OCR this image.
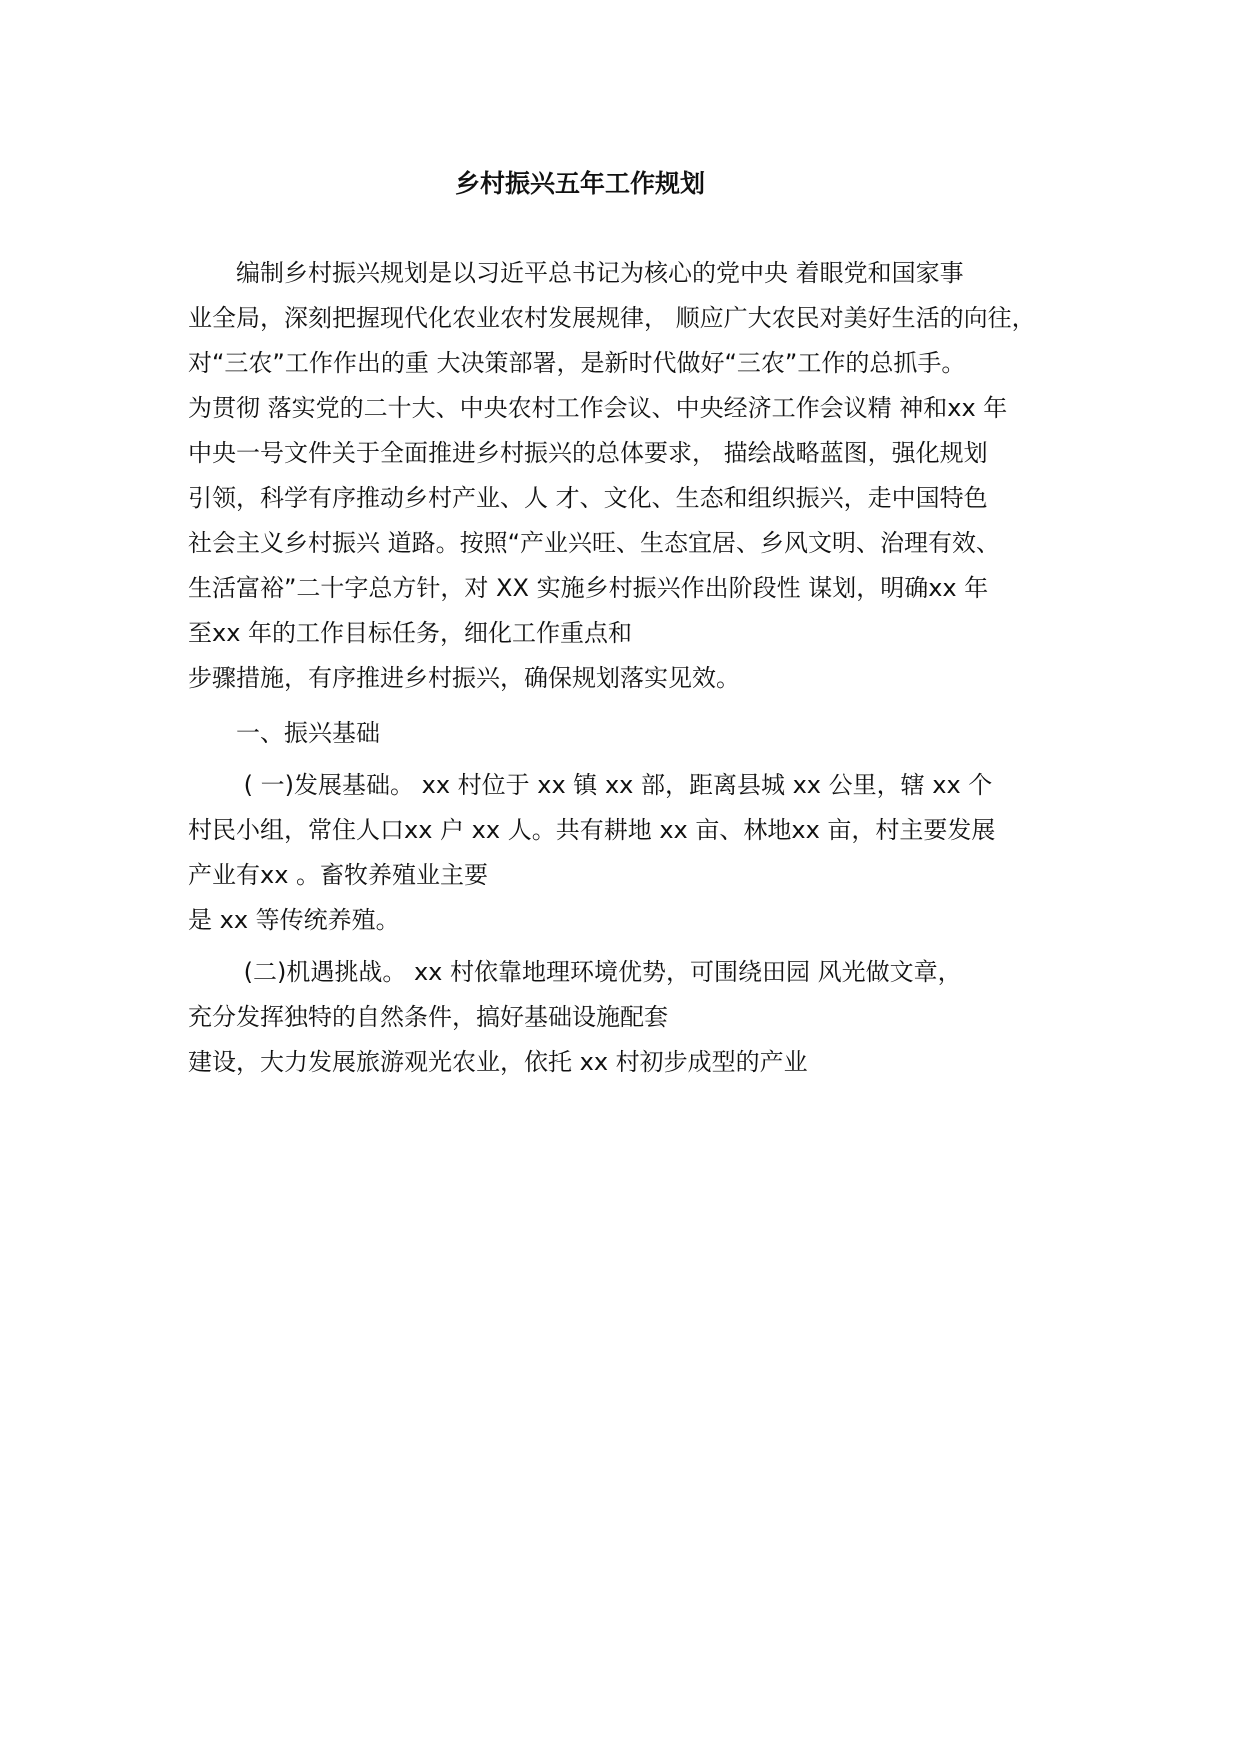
乡村振兴五年工作规划
　　编制乡村振兴规划是以习近平总书记为核心的党中央 着眼党和国家事
业全局，深刻把握现代化农业农村发展规律， 顺应广大农民对美好生活的向往，
对“三农”工作作出的重 大决策部署，是新时代做好“三农”工作的总抓手。
为贯彻 落实党的二十大、中央农村工作会议、中央经济工作会议精 神和xx 年
中央一号文件关于全面推进乡村振兴的总体要求， 描绘战略蓝图，强化规划
引领，科学有序推动乡村产业、人 才、文化、生态和组织振兴，走中国特色
社会主义乡村振兴 道路。按照“产业兴旺、生态宜居、乡风文明、治理有效、
生活富裕”二十字总方针，对 XX 实施乡村振兴作出阶段性 谋划，明确xx 年
至xx 年的工作目标任务，细化工作重点和
步骤措施，有序推进乡村振兴，确保规划落实见效。
　　一、振兴基础
　　 ( 一)发展基础。 xx 村位于 xx 镇 xx 部，距离县城 xx 公里，辖 xx 个
村民小组，常住人口xx 户 xx 人。共有耕地 xx 亩、林地xx 亩，村主要发展
产业有xx 。畜牧养殖业主要
是 xx 等传统养殖。
　　 (二)机遇挑战。 xx 村依靠地理环境优势，可围绕田园 风光做文章，
充分发挥独特的自然条件，搞好基础设施配套
建设，大力发展旅游观光农业，依托 xx 村初步成型的产业
